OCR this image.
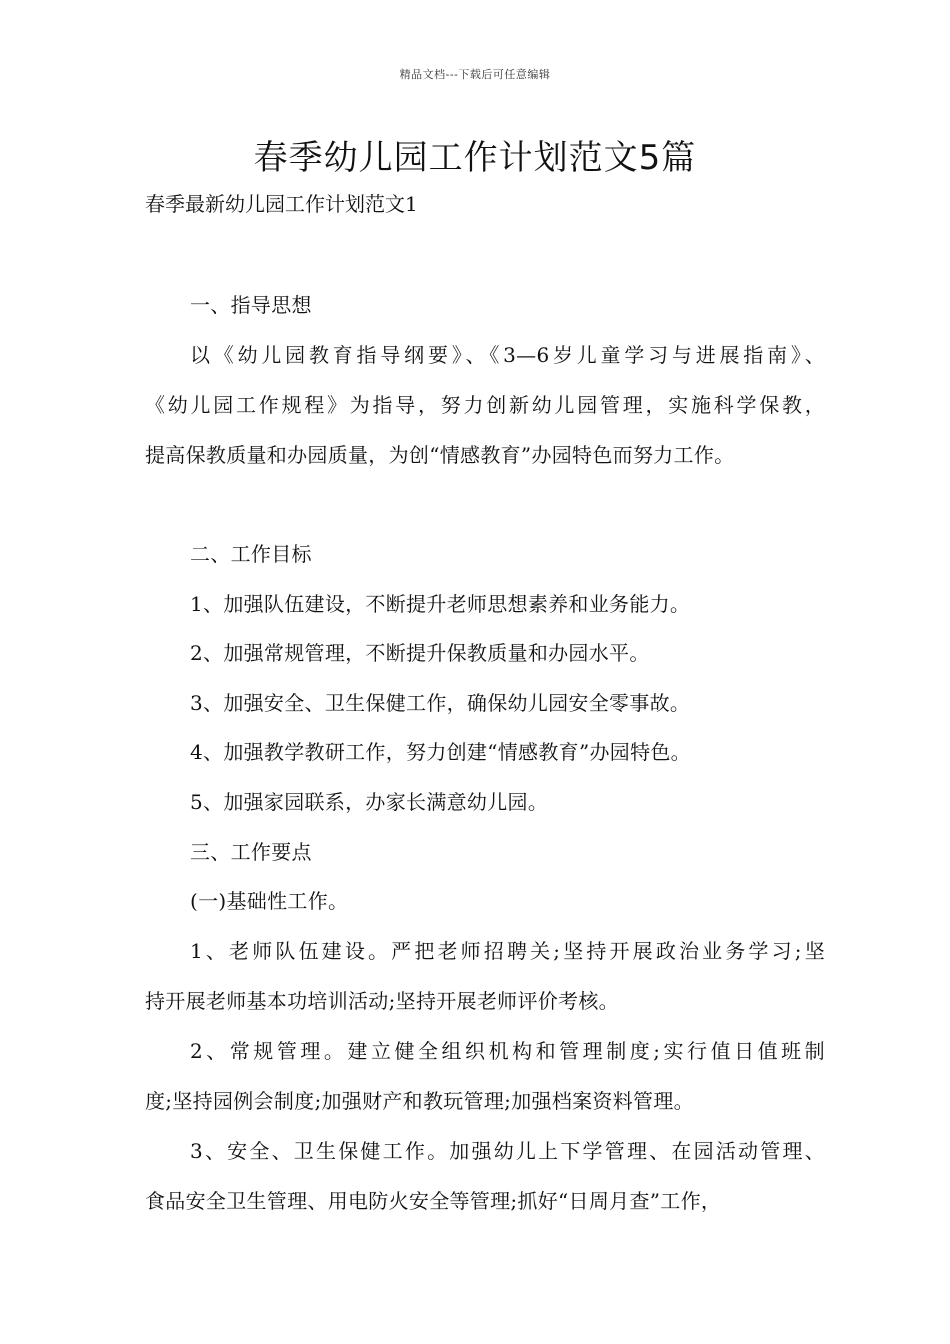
精品文档---下载后可任意编辑
春季幼儿园工作计划范文5篇
春季最新幼儿园工作计划范文1
一、指导思想
以《幼儿园教育指导纲要》、《3—6岁儿童学习与进展指南》、
《幼儿园工作规程》为指导，努力创新幼儿园管理，实施科学保教，
提高保教质量和办园质量，为创“情感教育”办园特色而努力工作。
二、工作目标
1、加强队伍建设，不断提升老师思想素养和业务能力。
2、加强常规管理，不断提升保教质量和办园水平。
3、加强安全、卫生保健工作，确保幼儿园安全零事故。
4、加强教学教研工作，努力创建“情感教育”办园特色。
5、加强家园联系，办家长满意幼儿园。
三、工作要点
(一)基础性工作。
1、老师队伍建设。严把老师招聘关;坚持开展政治业务学习;坚
持开展老师基本功培训活动;坚持开展老师评价考核。
2、常规管理。建立健全组织机构和管理制度;实行值日值班制
度;坚持园例会制度;加强财产和教玩管理;加强档案资料管理。
3、安全、卫生保健工作。加强幼儿上下学管理、在园活动管理、
食品安全卫生管理、用电防火安全等管理;抓好“日周月查”工作，
